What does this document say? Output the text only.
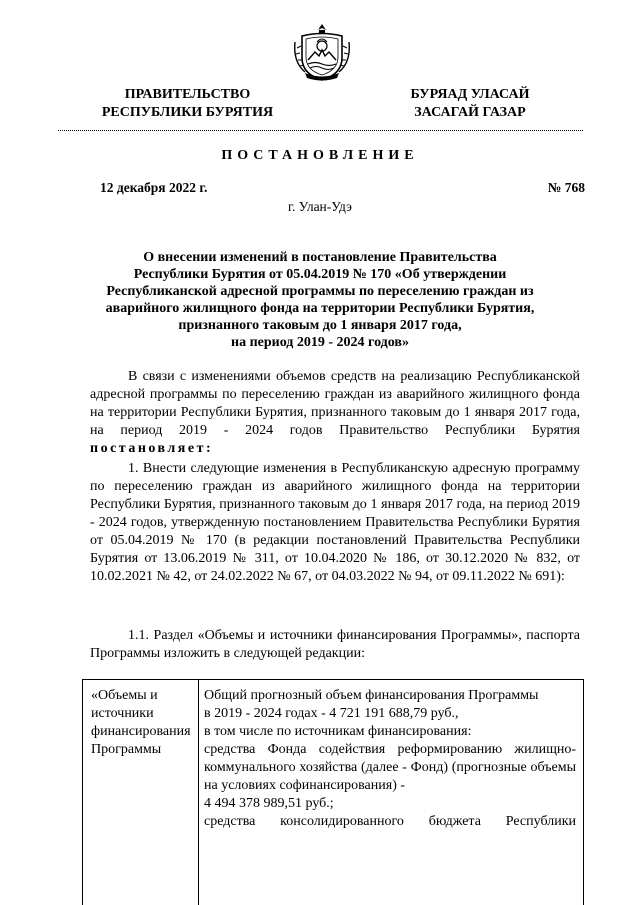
ПРАВИТЕЛЬСТВО
РЕСПУБЛИКИ БУРЯТИЯ
БУРЯАД УЛАСАЙ
ЗАСАГАЙ ГАЗАР
ПОСТАНОВЛЕНИЕ
12 декабря 2022 г.	№ 768
г. Улан-Удэ
О внесении изменений в постановление Правительства
Республики Бурятия от 05.04.2019 № 170 «Об утверждении
Республиканской адресной программы по переселению граждан из
аварийного жилищного фонда на территории Республики Бурятия,
признанного таковым до 1 января 2017 года,
на период 2019 - 2024 годов»
В связи с изменениями объемов средств на реализацию Республиканской адресной программы по переселению граждан из аварийного жилищного фонда на территории Республики Бурятия, признанного таковым до 1 января 2017 года, на период 2019 - 2024 годов Правительство Республики Бурятия постановляет:
1. Внести следующие изменения в Республиканскую адресную программу по переселению граждан из аварийного жилищного фонда на территории Республики Бурятия, признанного таковым до 1 января 2017 года, на период 2019 - 2024 годов, утвержденную постановлением Правительства Республики Бурятия от 05.04.2019 № 170 (в редакции постановлений Правительства Республики Бурятия от 13.06.2019 № 311, от 10.04.2020 № 186, от 30.12.2020 № 832, от 10.02.2021 № 42, от 24.02.2022 № 67, от 04.03.2022 № 94, от 09.11.2022 № 691):
1.1. Раздел «Объемы и источники финансирования Программы», паспорта Программы изложить в следующей редакции:
«Объемы и источники финансирования Программы
Общий прогнозный объем финансирования Программы
в 2019 - 2024 годах - 4 721 191 688,79 руб.,
в том числе по источникам финансирования:
средства Фонда содействия реформированию жилищно-коммунального хозяйства (далее - Фонд) (прогнозные объемы на условиях софинансирования) -
4 494 378 989,51 руб.;
средства консолидированного бюджета Республики
